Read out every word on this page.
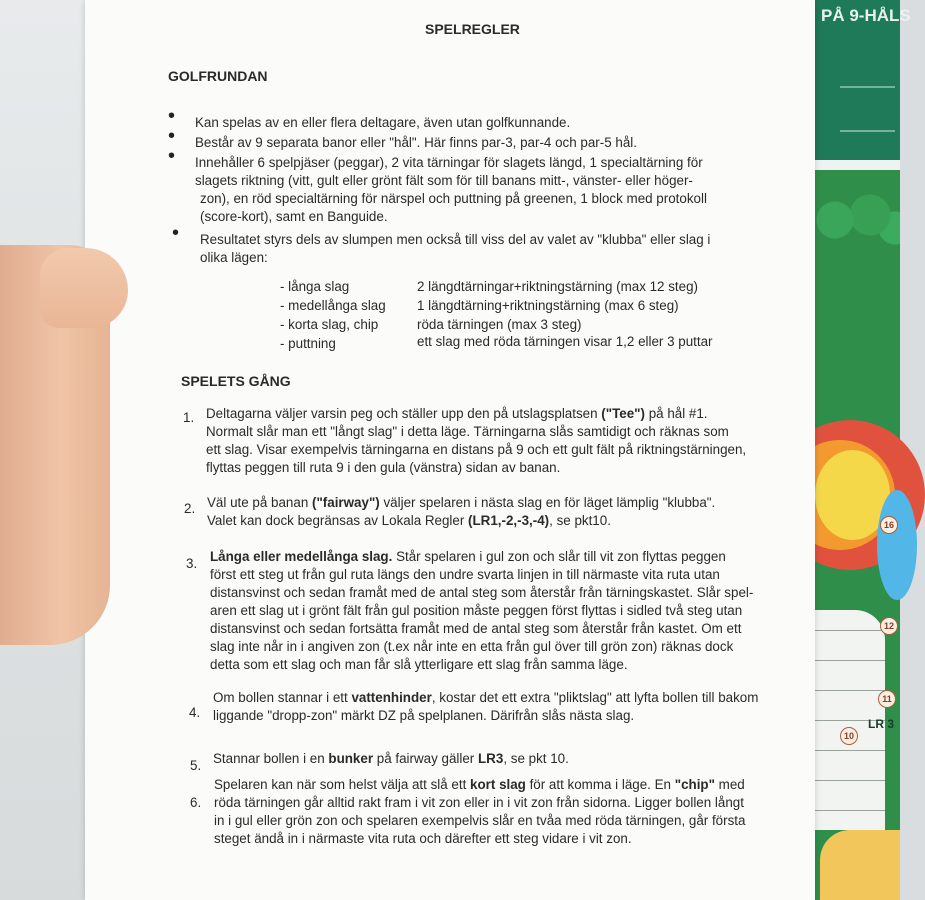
PÅ 9-HÅLS
16
12
11
10
LR 3
SPELREGLER
GOLFRUNDAN
• Kan spelas av en eller flera deltagare, även utan golfkunnande.
• Består av 9 separata banor eller "hål". Här finns par-3, par-4 och par-5 hål.
• Innehåller 6 spelpjäser (peggar), 2 vita tärningar för slagets längd, 1 specialtärning för
slagets riktning (vitt, gult eller grönt fält som för till banans mitt-, vänster- eller höger-
zon), en röd specialtärning för närspel och puttning på greenen, 1 block med protokoll
(score-kort), samt en Banguide.
• Resultatet styrs dels av slumpen men också till viss del av valet av "klubba" eller slag i
olika lägen:
- långa slag	2 längdtärningar+riktningstärning (max 12 steg)
- medellånga slag 1 längdtärning+riktningstärning (max 6 steg)
- korta slag, chip	röda tärningen (max 3 steg)
- puttning	ett slag med röda tärningen visar 1,2 eller 3 puttar
SPELETS GÅNG
1. Deltagarna väljer varsin peg och ställer upp den på utslagsplatsen ("Tee") på hål #1.
Normalt slår man ett "långt slag" i detta läge. Tärningarna slås samtidigt och räknas som
ett slag. Visar exempelvis tärningarna en distans på 9 och ett gult fält på riktningstärningen,
flyttas peggen till ruta 9 i den gula (vänstra) sidan av banan.
2. Väl ute på banan ("fairway") väljer spelaren i nästa slag en för läget lämplig "klubba".
Valet kan dock begränsas av Lokala Regler (LR1,-2,-3,-4), se pkt10.
3. Långa eller medellånga slag. Står spelaren i gul zon och slår till vit zon flyttas peggen
först ett steg ut från gul ruta längs den undre svarta linjen in till närmaste vita ruta utan
distansvinst och sedan framåt med de antal steg som återstår från tärningskastet. Slår spel-
aren ett slag ut i grönt fält från gul position måste peggen först flyttas i sidled två steg utan
distansvinst och sedan fortsätta framåt med de antal steg som återstår från kastet. Om ett
slag inte når in i angiven zon (t.ex når inte en etta från gul över till grön zon) räknas dock
detta som ett slag och man får slå ytterligare ett slag från samma läge.
4.
Om bollen stannar i ett vattenhinder, kostar det ett extra "pliktslag" att lyfta bollen till bakom
liggande "dropp-zon" märkt DZ på spelplanen. Därifrån slås nästa slag.
5. Stannar bollen i en bunker på fairway gäller LR3, se pkt 10.
6.
Spelaren kan när som helst välja att slå ett kort slag för att komma i läge. En "chip" med
röda tärningen går alltid rakt fram i vit zon eller in i vit zon från sidorna. Ligger bollen långt
in i gul eller grön zon och spelaren exempelvis slår en tvåa med röda tärningen, går första
steget ändå in i närmaste vita ruta och därefter ett steg vidare i vit zon.
